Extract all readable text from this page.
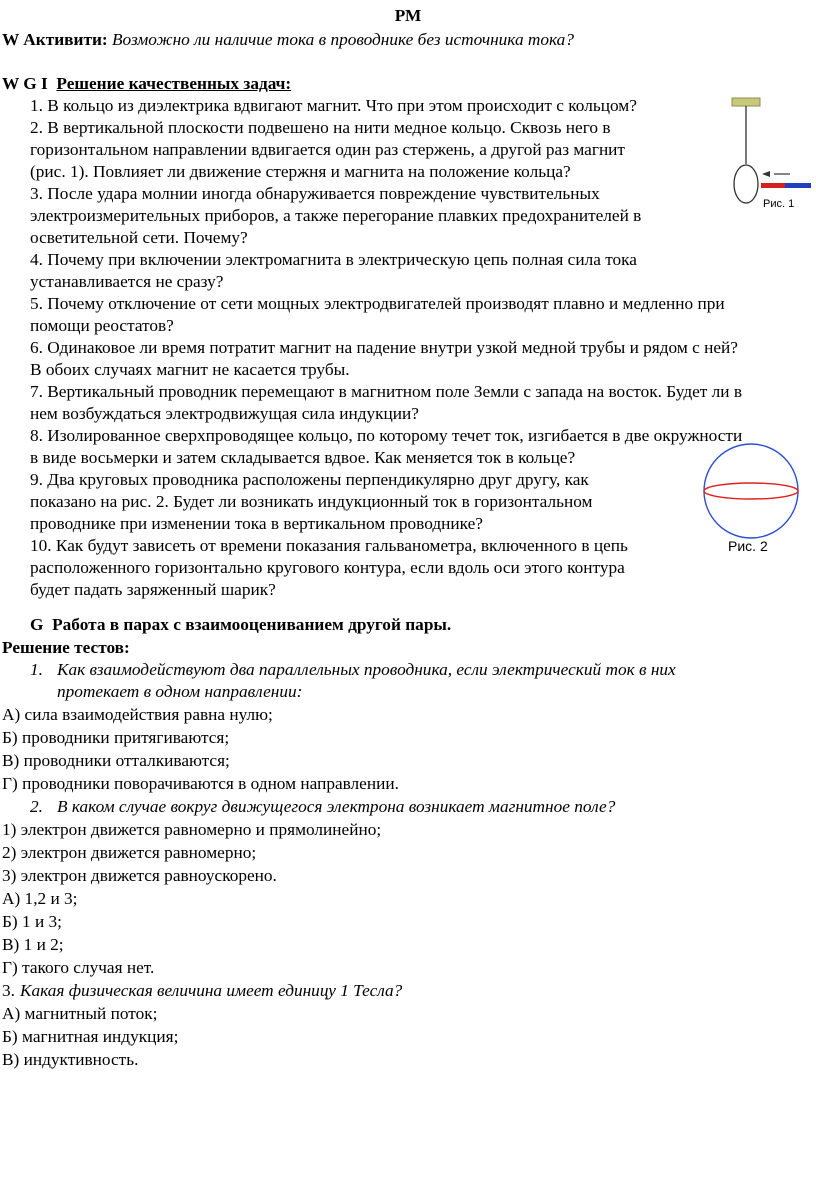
РМ
W Активити: Возможно ли наличие тока в проводнике без источника тока?
W G I Решение качественных задач:
1. В кольцо из диэлектрика вдвигают магнит. Что при этом происходит с кольцом?
2. В вертикальной плоскости подвешено на нити медное кольцо. Сквозь него в
горизонтальном направлении вдвигается один раз стержень, а другой раз магнит
(рис. 1). Повлияет ли движение стержня и магнита на положение кольца?
3. После удара молнии иногда обнаруживается повреждение чувствительных
электроизмерительных приборов, а также перегорание плавких предохранителей в
осветительной сети. Почему?
4. Почему при включении электромагнита в электрическую цепь полная сила тока
устанавливается не сразу?
5. Почему отключение от сети мощных электродвигателей производят плавно и медленно при
помощи реостатов?
6. Одинаковое ли время потратит магнит на падение внутри узкой медной трубы и рядом с ней?
В обоих случаях магнит не касается трубы.
7. Вертикальный проводник перемещают в магнитном поле Земли с запада на восток. Будет ли в
нем возбуждаться электродвижущая сила индукции?
8. Изолированное сверхпроводящее кольцо, по которому течет ток, изгибается в две окружности
в виде восьмерки и затем складывается вдвое. Как меняется ток в кольце?
9. Два круговых проводника расположены перпендикулярно друг другу, как
показано на рис. 2. Будет ли возникать индукционный ток в горизонтальном
проводнике при изменении тока в вертикальном проводнике?
10. Как будут зависеть от времени показания гальванометра, включенного в цепь
расположенного горизонтально кругового контура, если вдоль оси этого контура
будет падать заряженный шарик?
Рис. 1
Рис. 2
G Работа в парах с взаимооцениванием другой пары.
Решение тестов:
1. Как взаимодействуют два параллельных проводника, если электрический ток в них
протекает в одном направлении:
А) сила взаимодействия равна нулю;
Б) проводники притягиваются;
В) проводники отталкиваются;
Г) проводники поворачиваются в одном направлении.
2. В каком случае вокруг движущегося электрона возникает магнитное поле?
1) электрон движется равномерно и прямолинейно;
2) электрон движется равномерно;
3) электрон движется равноускорено.
А) 1,2 и 3;
Б) 1 и 3;
В) 1 и 2;
Г) такого случая нет.
3. Какая физическая величина имеет единицу 1 Тесла?
А) магнитный поток;
Б) магнитная индукция;
В) индуктивность.
